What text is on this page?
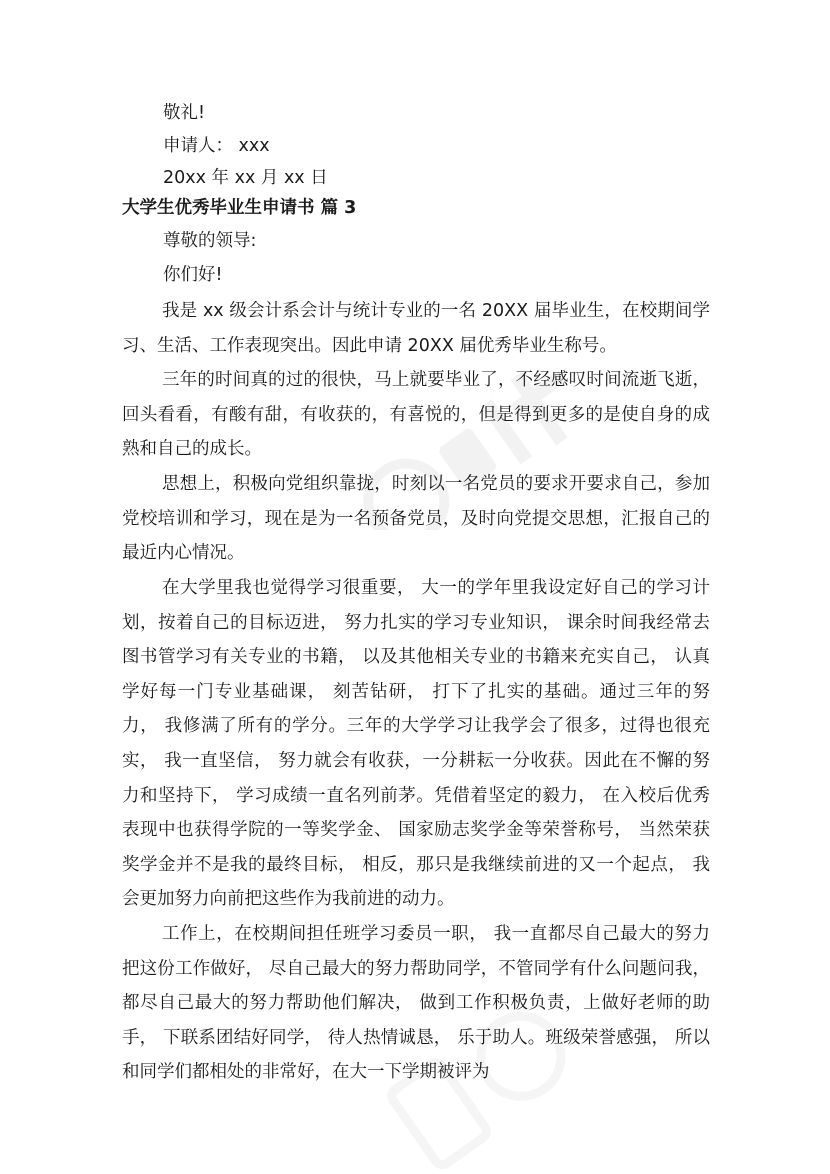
敬礼!
申请人： xxx
20xx 年 xx 月 xx 日
大学生优秀毕业生申请书 篇 3
尊敬的领导:
你们好!

我是 xx 级会计系会计与统计专业的一名 20XX 届毕业生，在校期间学习、生活、工作表现突出。因此申请 20XX 届优秀毕业生称号。

三年的时间真的过的很快，马上就要毕业了，不经感叹时间流逝飞逝，回头看看，有酸有甜，有收获的，有喜悦的，但是得到更多的是使自身的成熟和自己的成长。

思想上，积极向党组织靠拢，时刻以一名党员的要求开要求自己，参加党校培训和学习，现在是为一名预备党员，及时向党提交思想，汇报自己的最近内心情况。

在大学里我也觉得学习很重要， 大一的学年里我设定好自己的学习计划，按着自己的目标迈进， 努力扎实的学习专业知识， 课余时间我经常去图书管学习有关专业的书籍， 以及其他相关专业的书籍来充实自己， 认真学好每一门专业基础课， 刻苦钻研， 打下了扎实的基础。通过三年的努力， 我修满了所有的学分。三年的大学学习让我学会了很多，过得也很充实， 我一直坚信， 努力就会有收获，一分耕耘一分收获。因此在不懈的努力和坚持下， 学习成绩一直名列前茅。凭借着坚定的毅力， 在入校后优秀表现中也获得学院的一等奖学金、 国家励志奖学金等荣誉称号， 当然荣获奖学金并不是我的最终目标， 相反，那只是我继续前进的又一个起点， 我会更加努力向前把这些作为我前进的动力。

工作上，在校期间担任班学习委员一职， 我一直都尽自己最大的努力把这份工作做好， 尽自己最大的努力帮助同学，不管同学有什么问题问我， 都尽自己最大的努力帮助他们解决， 做到工作积极负责，上做好老师的助手， 下联系团结好同学， 待人热情诚恳， 乐于助人。班级荣誉感强， 所以和同学们都相处的非常好，在大一下学期被评为
